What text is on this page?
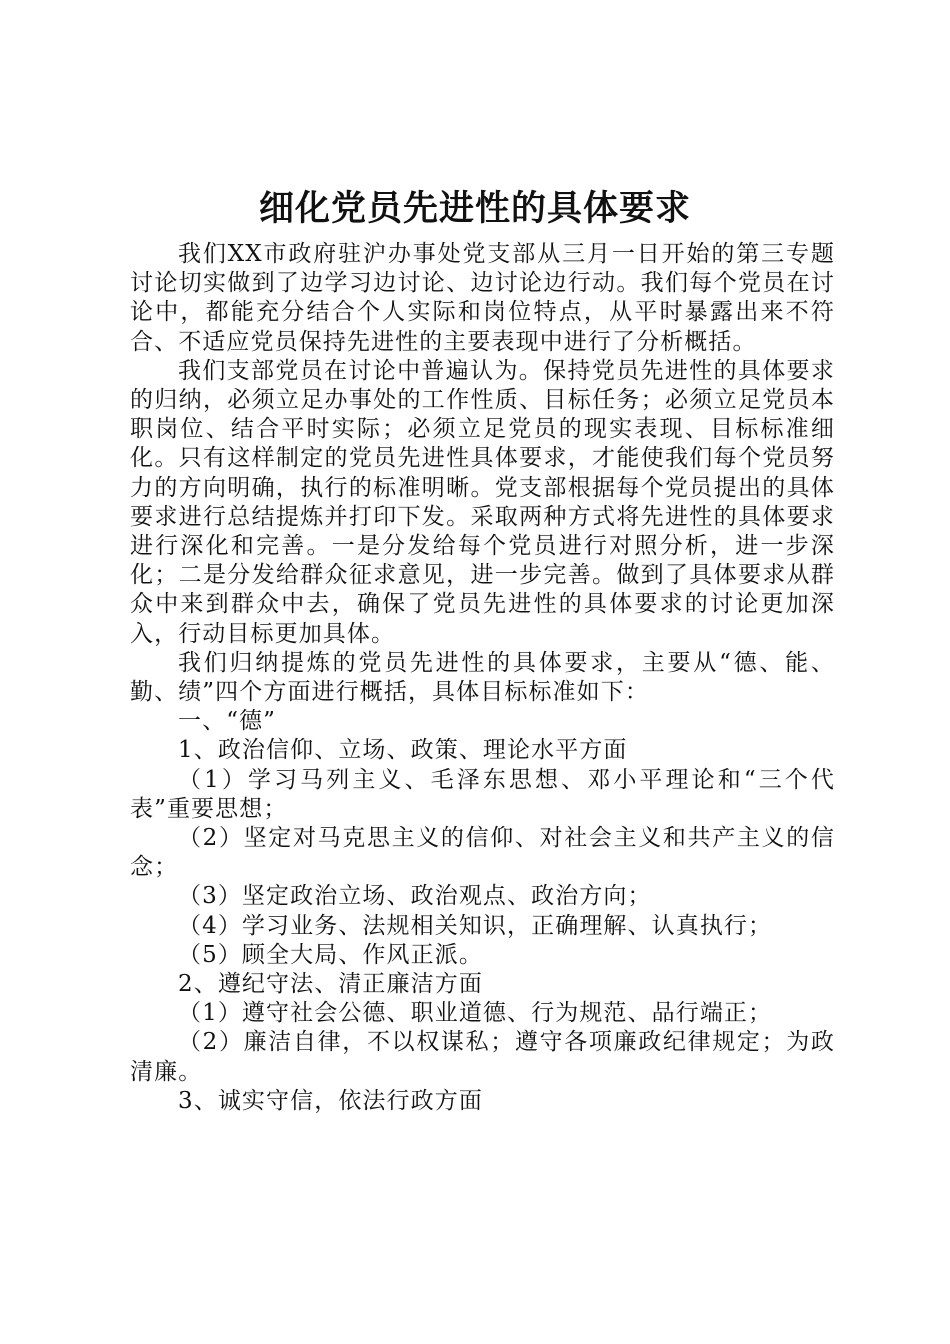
细化党员先进性的具体要求

我们XX市政府驻沪办事处党支部从三月一日开始的第三专题讨论切实做到了边学习边讨论、边讨论边行动。我们每个党员在讨论中，都能充分结合个人实际和岗位特点，从平时暴露出来不符合、不适应党员保持先进性的主要表现中进行了分析概括。

我们支部党员在讨论中普遍认为。保持党员先进性的具体要求的归纳，必须立足办事处的工作性质、目标任务；必须立足党员本职岗位、结合平时实际；必须立足党员的现实表现、目标标准细化。只有这样制定的党员先进性具体要求，才能使我们每个党员努力的方向明确，执行的标准明晰。党支部根据每个党员提出的具体要求进行总结提炼并打印下发。采取两种方式将先进性的具体要求进行深化和完善。一是分发给每个党员进行对照分析，进一步深化；二是分发给群众征求意见，进一步完善。做到了具体要求从群众中来到群众中去，确保了党员先进性的具体要求的讨论更加深入，行动目标更加具体。

我们归纳提炼的党员先进性的具体要求，主要从“德、能、勤、绩”四个方面进行概括，具体目标标准如下：

一、“德”

1、政治信仰、立场、政策、理论水平方面

（1）学习马列主义、毛泽东思想、邓小平理论和“三个代表”重要思想；

（2）坚定对马克思主义的信仰、对社会主义和共产主义的信念；

（3）坚定政治立场、政治观点、政治方向；

（4）学习业务、法规相关知识，正确理解、认真执行；

（5）顾全大局、作风正派。

2、遵纪守法、清正廉洁方面

（1）遵守社会公德、职业道德、行为规范、品行端正；

（2）廉洁自律，不以权谋私；遵守各项廉政纪律规定；为政清廉。

3、诚实守信，依法行政方面
